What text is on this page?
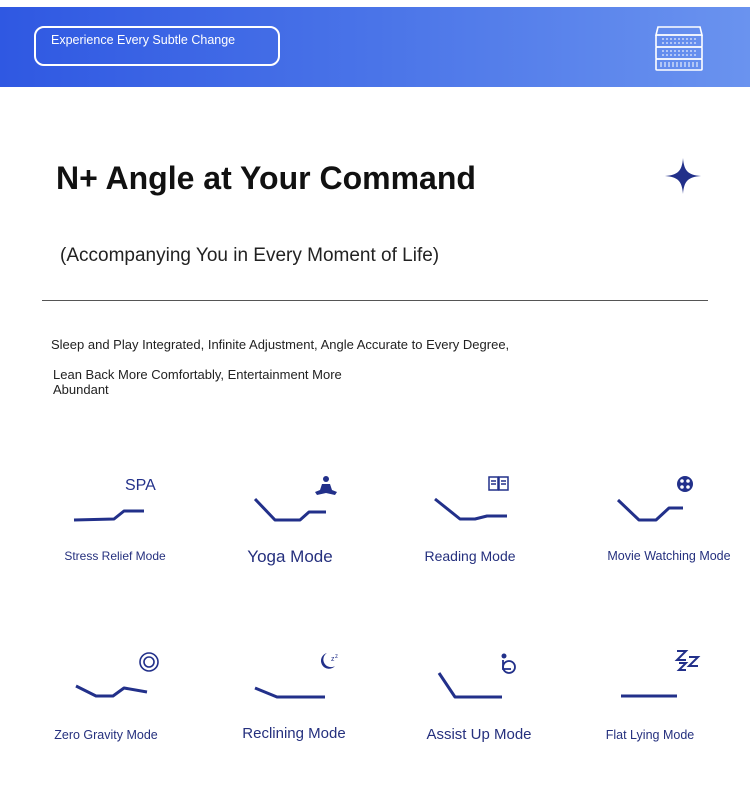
Experience Every Subtle Change
N+ Angle at Your Command
(Accompanying You in Every Moment of Life)
Sleep and Play Integrated, Infinite Adjustment, Angle Accurate to Every Degree,
Lean Back More Comfortably, Entertainment More Abundant
SPA
Stress Relief Mode	Yoga Mode	Reading Mode	Movie Watching Mode
Zero Gravity Mode
z z
Reclining Mode	Assist Up Mode	Flat Lying Mode
